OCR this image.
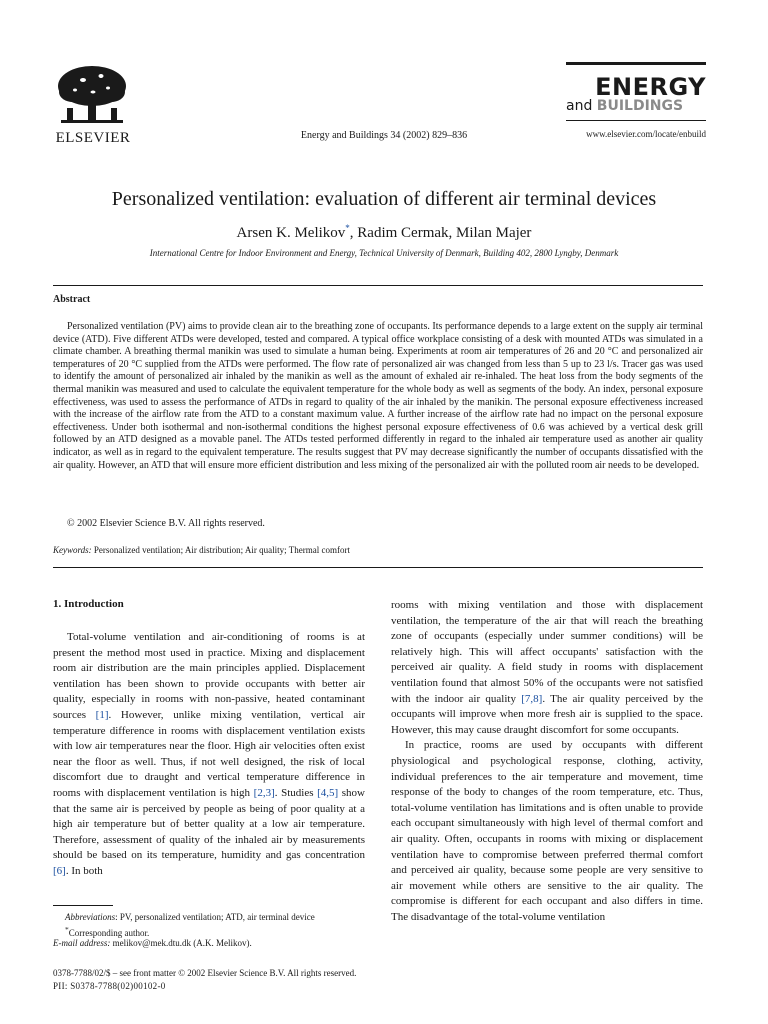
ELSEVIER	Energy and Buildings 34 (2002) 829–836
ENERGY
and BUILDINGS
www.elsevier.com/locate/enbuild
Personalized ventilation: evaluation of different air terminal devices
Arsen K. Melikov*, Radim Cermak, Milan Majer
International Centre for Indoor Environment and Energy, Technical University of Denmark, Building 402, 2800 Lyngby, Denmark
Abstract

Personalized ventilation (PV) aims to provide clean air to the breathing zone of occupants. Its performance depends to a large extent on the supply air terminal device (ATD). Five different ATDs were developed, tested and compared. A typical office workplace consisting of a desk with mounted ATDs was simulated in a climate chamber. A breathing thermal manikin was used to simulate a human being. Experiments at room air temperatures of 26 and 20 °C and personalized air temperatures of 20 °C supplied from the ATDs were performed. The flow rate of personalized air was changed from less than 5 up to 23 l/s. Tracer gas was used to identify the amount of personalized air inhaled by the manikin as well as the amount of exhaled air re-inhaled. The heat loss from the body segments of the thermal manikin was measured and used to calculate the equivalent temperature for the whole body as well as segments of the body. An index, personal exposure effectiveness, was used to assess the performance of ATDs in regard to quality of the air inhaled by the manikin. The personal exposure effectiveness increased with the increase of the airflow rate from the ATD to a constant maximum value. A further increase of the airflow rate had no impact on the personal exposure effectiveness. Under both isothermal and non-isothermal conditions the highest personal exposure effectiveness of 0.6 was achieved by a vertical desk grill followed by an ATD designed as a movable panel. The ATDs tested performed differently in regard to the inhaled air temperature used as another air quality indicator, as well as in regard to the equivalent temperature. The results suggest that PV may decrease significantly the number of occupants dissatisfied with the air quality. However, an ATD that will ensure more efficient distribution and less mixing of the personalized air with the polluted room air needs to be developed.

© 2002 Elsevier Science B.V. All rights reserved.
Keywords: Personalized ventilation; Air distribution; Air quality; Thermal comfort
1. Introduction

Total-volume ventilation and air-conditioning of rooms is at present the method most used in practice. Mixing and displacement room air distribution are the main principles applied. Displacement ventilation has been shown to provide occupants with better air quality, especially in rooms with non-passive, heated contaminant sources [1]. However, unlike mixing ventilation, vertical air temperature difference in rooms with displacement ventilation exists with low air temperatures near the floor. High air velocities often exist near the floor as well. Thus, if not well designed, the risk of local discomfort due to draught and vertical temperature difference in rooms with displacement ventilation is high [2,3]. Studies [4,5] show that the same air is perceived by people as being of poor quality at a high air temperature but of better quality at a low air temperature. Therefore, assessment of quality of the inhaled air by measurements should be based on its temperature, humidity and gas concentration [6]. In both

rooms with mixing ventilation and those with displacement ventilation, the temperature of the air that will reach the breathing zone of occupants (especially under summer conditions) will be relatively high. This will affect occupants' satisfaction with the perceived air quality. A field study in rooms with displacement ventilation found that almost 50% of the occupants were not satisfied with the indoor air quality [7,8]. The air quality perceived by the occupants will improve when more fresh air is supplied to the space. However, this may cause draught discomfort for some occupants.

In practice, rooms are used by occupants with different physiological and psychological response, clothing, activity, individual preferences to the air temperature and movement, time response of the body to changes of the room temperature, etc. Thus, total-volume ventilation has limitations and is often unable to provide each occupant simultaneously with high level of thermal comfort and air quality. Often, occupants in rooms with mixing or displacement ventilation have to compromise between preferred thermal comfort and perceived air quality, because some people are very sensitive to air movement while others are sensitive to the air quality. The compromise is different for each occupant and also differs in time. The disadvantage of the total-volume ventilation

Abbreviations: PV, personalized ventilation; ATD, air terminal device
*Corresponding author.
E-mail address: melikov@mek.dtu.dk (A.K. Melikov).
0378-7788/02/$ – see front matter © 2002 Elsevier Science B.V. All rights reserved.
PII: S0378-7788(02)00102-0
